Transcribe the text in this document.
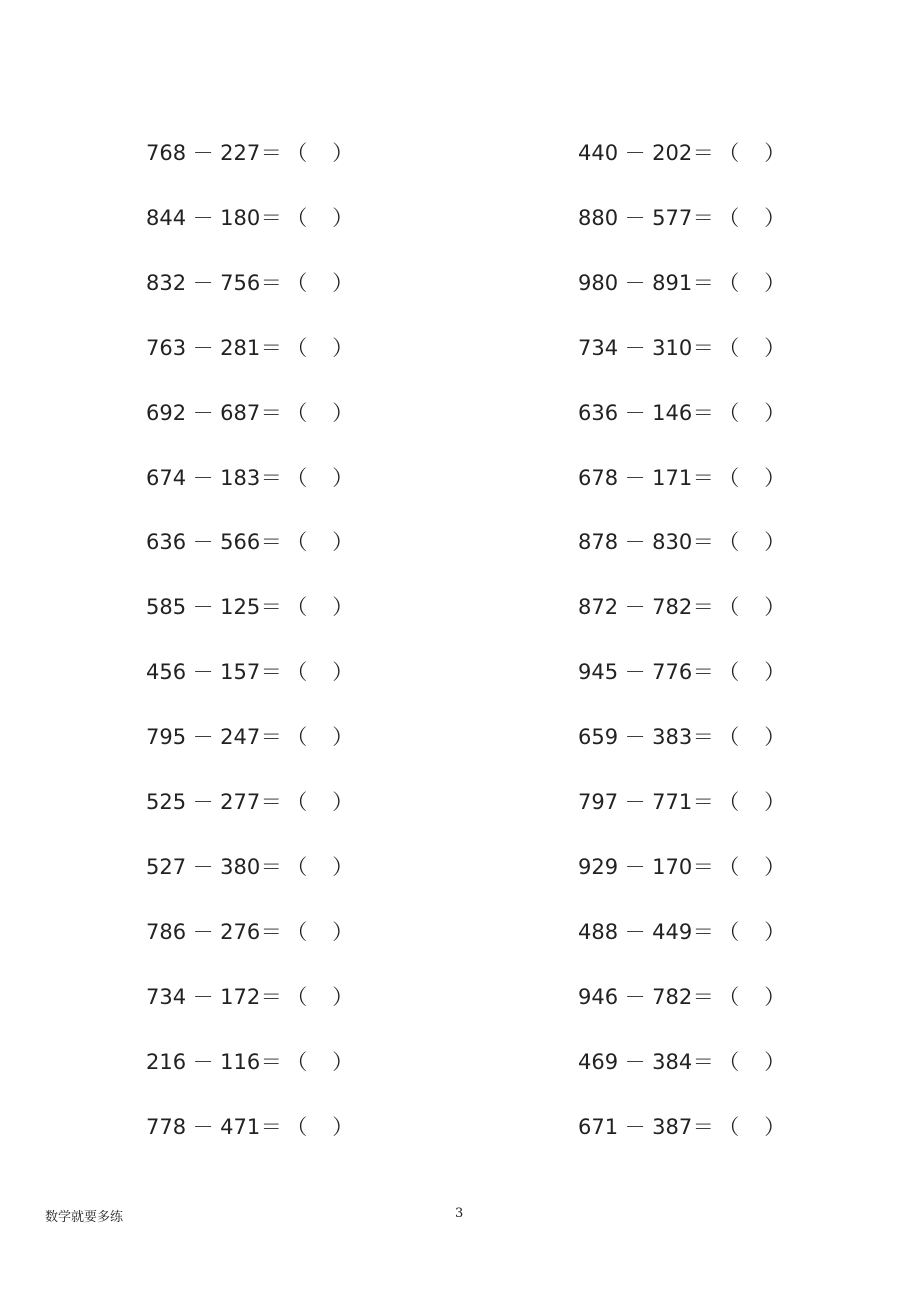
768 － 227＝ （ ）
844 － 180＝ （ ）
832 － 756＝ （ ）
763 － 281＝ （ ）
692 － 687＝ （ ）
674 － 183＝ （ ）
636 － 566＝ （ ）
585 － 125＝ （ ）
456 － 157＝ （ ）
795 － 247＝ （ ）
525 － 277＝ （ ）
527 － 380＝ （ ）
786 － 276＝ （ ）
734 － 172＝ （ ）
216 － 116＝ （ ）
778 － 471＝ （ ）
440 － 202＝ （ ）
880 － 577＝ （ ）
980 － 891＝ （ ）
734 － 310＝ （ ）
636 － 146＝ （ ）
678 － 171＝ （ ）
878 － 830＝ （ ）
872 － 782＝ （ ）
945 － 776＝ （ ）
659 － 383＝ （ ）
797 － 771＝ （ ）
929 － 170＝ （ ）
488 － 449＝ （ ）
946 － 782＝ （ ）
469 － 384＝ （ ）
671 － 387＝ （ ）
数学就要多练	3
